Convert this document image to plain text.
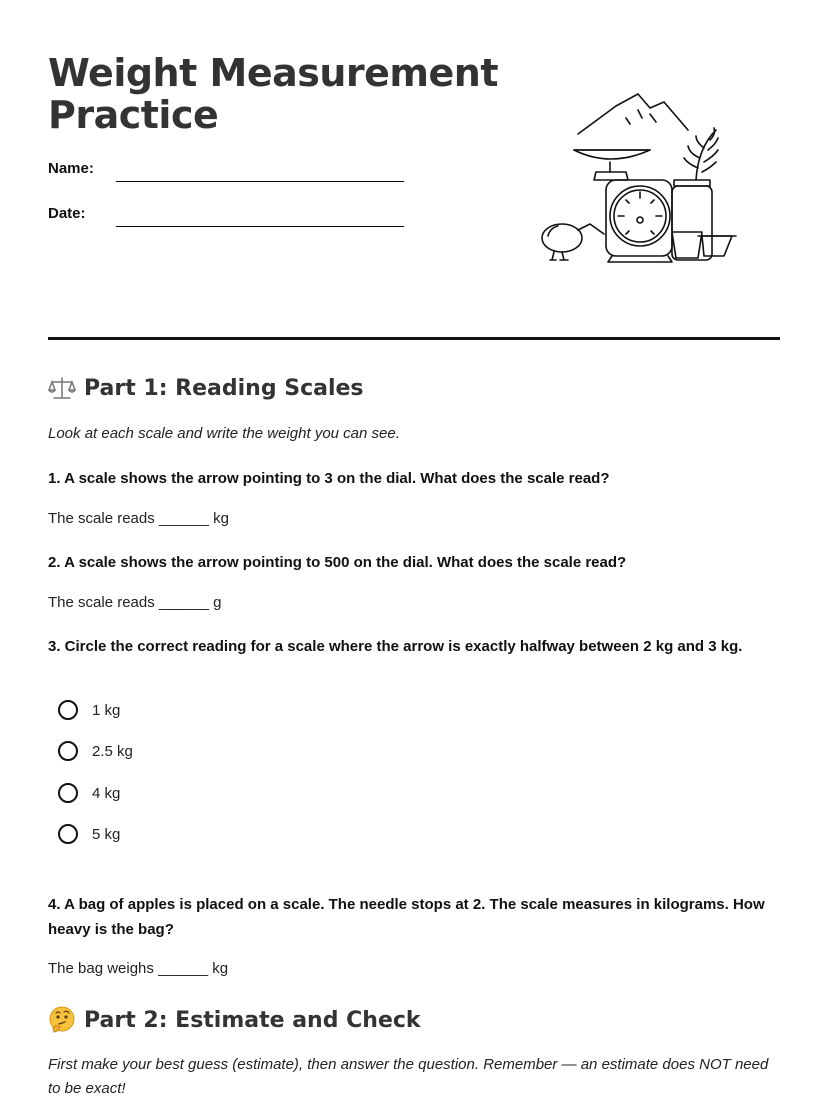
Weight Measurement
Practice
Name:
Date:
Part 1: Reading Scales
Look at each scale and write the weight you can see.
1. A scale shows the arrow pointing to 3 on the dial. What does the scale read?
The scale reads ______ kg
2. A scale shows the arrow pointing to 500 on the dial. What does the scale read?
The scale reads ______ g
3. Circle the correct reading for a scale where the arrow is exactly halfway between 2 kg and 3 kg.
1 kg
2.5 kg
4 kg
5 kg
4. A bag of apples is placed on a scale. The needle stops at 2. The scale measures in kilograms. How heavy is the bag?
The bag weighs ______ kg
Part 2: Estimate and Check
First make your best guess (estimate), then answer the question. Remember — an estimate does NOT need to be exact!
